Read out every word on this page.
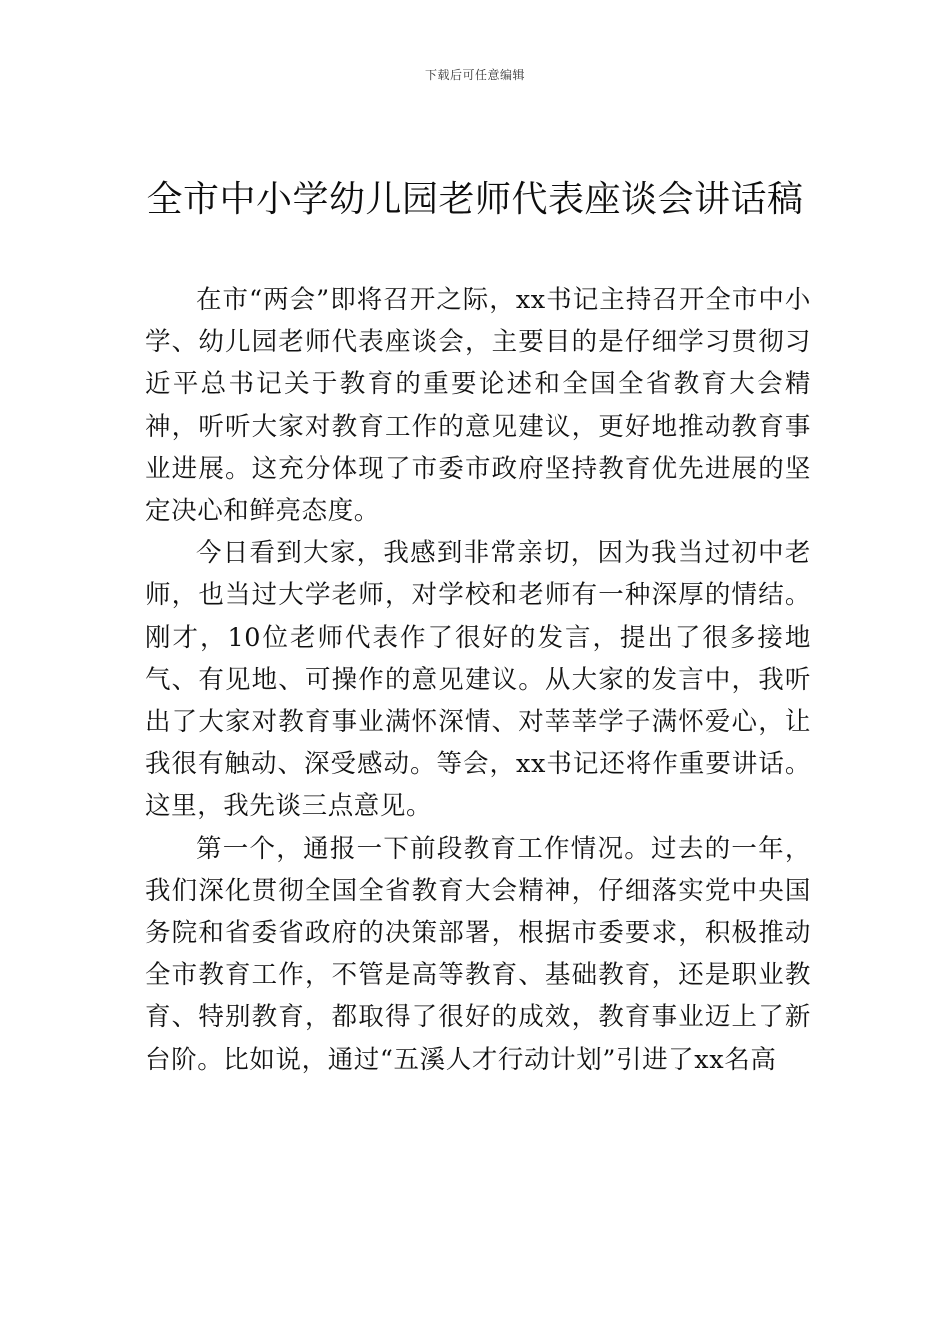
下载后可任意编辑
全市中小学幼儿园老师代表座谈会讲话稿

在市“两会”即将召开之际，xx书记主持召开全市中小学、幼儿园老师代表座谈会，主要目的是仔细学习贯彻习近平总书记关于教育的重要论述和全国全省教育大会精神，听听大家对教育工作的意见建议，更好地推动教育事业进展。这充分体现了市委市政府坚持教育优先进展的坚定决心和鲜亮态度。

今日看到大家，我感到非常亲切，因为我当过初中老师，也当过大学老师，对学校和老师有一种深厚的情结。刚才，10位老师代表作了很好的发言，提出了很多接地气、有见地、可操作的意见建议。从大家的发言中，我听出了大家对教育事业满怀深情、对莘莘学子满怀爱心，让我很有触动、深受感动。等会，xx书记还将作重要讲话。这里，我先谈三点意见。

第一个，通报一下前段教育工作情况。过去的一年，我们深化贯彻全国全省教育大会精神，仔细落实党中央国务院和省委省政府的决策部署，根据市委要求，积极推动全市教育工作，不管是高等教育、基础教育，还是职业教育、特别教育，都取得了很好的成效，教育事业迈上了新台阶。比如说，通过“五溪人才行动计划”引进了xx名高
